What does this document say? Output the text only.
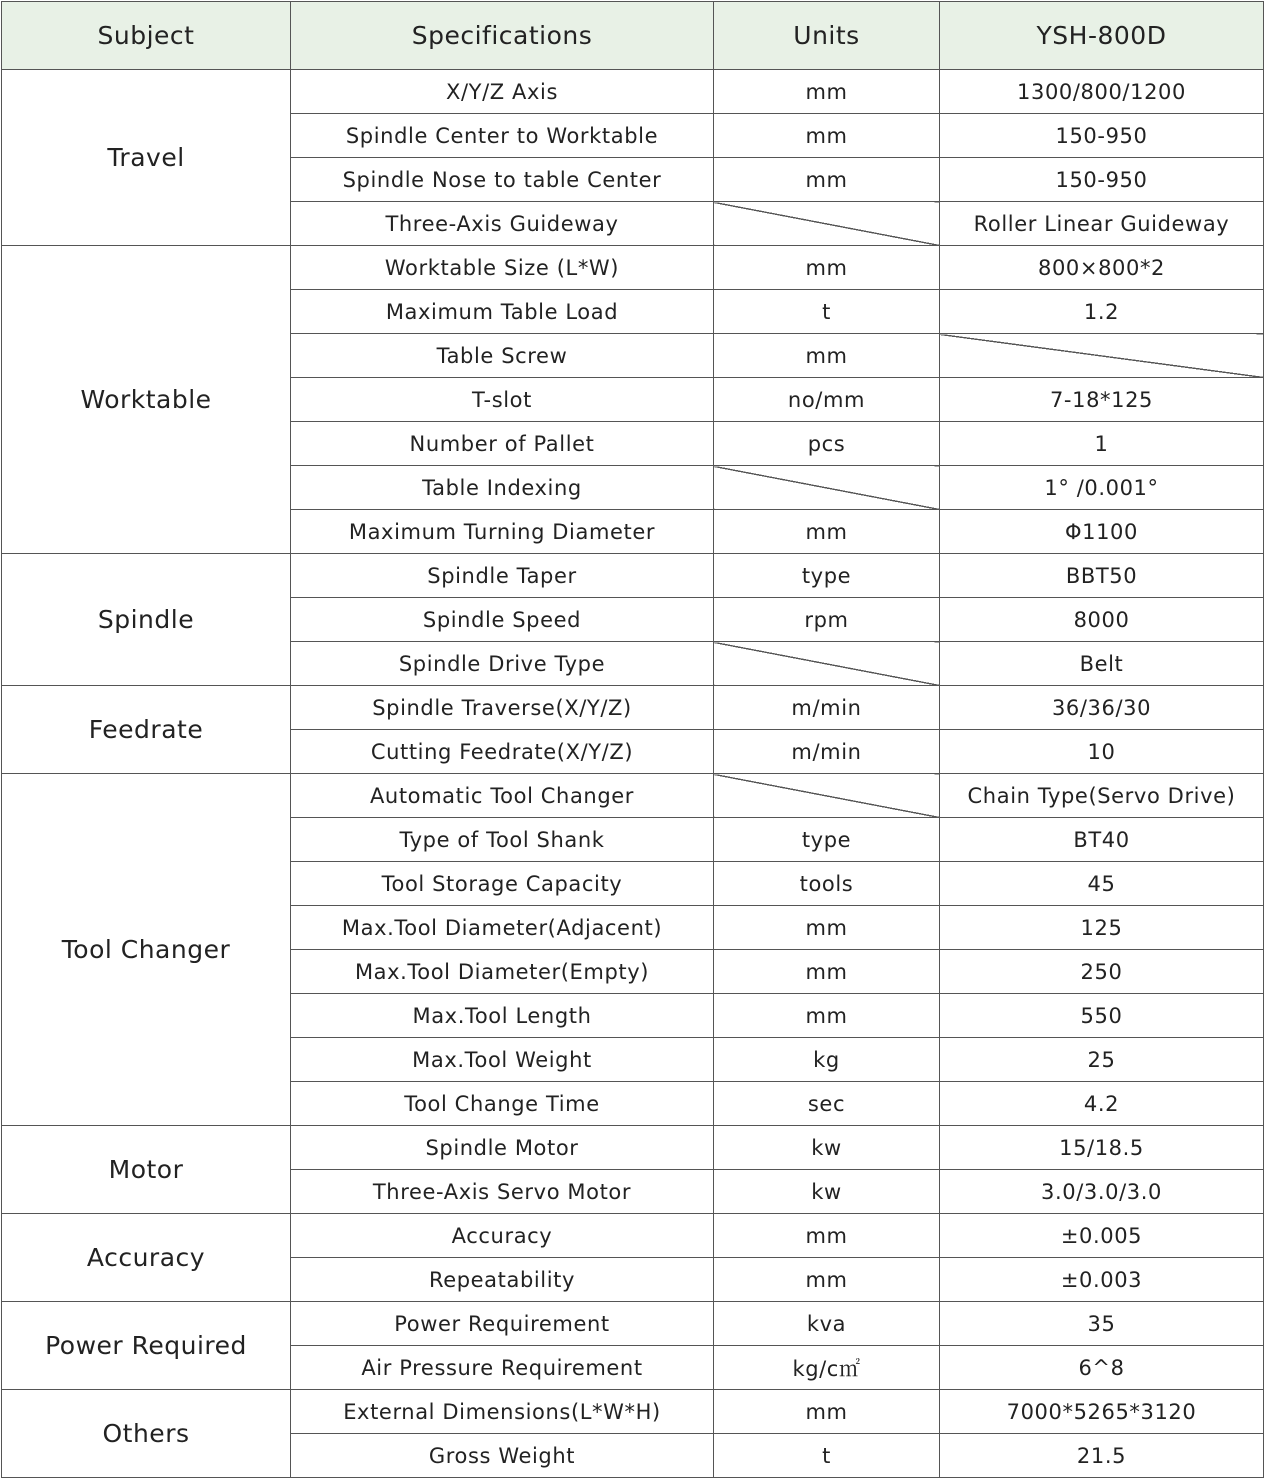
Subject	Specifications	Units	YSH-800D
Travel	X/Y/Z Axis	mm	1300/800/1200
	Spindle Center to Worktable	mm	150-950
	Spindle Nose to table Center	mm	150-950
	Three-Axis Guideway		Roller Linear Guideway
Worktable	Worktable Size (L*W)	mm	800×800*2
	Maximum Table Load	t	1.2
	Table Screw	mm	
	T-slot	no/mm	7-18*125
	Number of Pallet	pcs	1
	Table Indexing		1° /0.001°
	Maximum Turning Diameter	mm	Φ1100
Spindle	Spindle Taper	type	BBT50
	Spindle Speed	rpm	8000
	Spindle Drive Type		Belt
Feedrate	Spindle Traverse(X/Y/Z)	m/min	36/36/30
	Cutting Feedrate(X/Y/Z)	m/min	10
Tool Changer	Automatic Tool Changer		Chain Type(Servo Drive)
	Type of Tool Shank	type	BT40
	Tool Storage Capacity	tools	45
	Max.Tool Diameter(Adjacent)	mm	125
	Max.Tool Diameter(Empty)	mm	250
	Max.Tool Length	mm	550
	Max.Tool Weight	kg	25
	Tool Change Time	sec	4.2
Motor	Spindle Motor	kw	15/18.5
	Three-Axis Servo Motor	kw	3.0/3.0/3.0
Accuracy	Accuracy	mm	±0.005
	Repeatability	mm	±0.003
Power Required	Power Requirement	kva	35
	Air Pressure Requirement	kg/c㎡	6^8
Others	External Dimensions(L*W*H)	mm	7000*5265*3120
	Gross Weight	t	21.5
